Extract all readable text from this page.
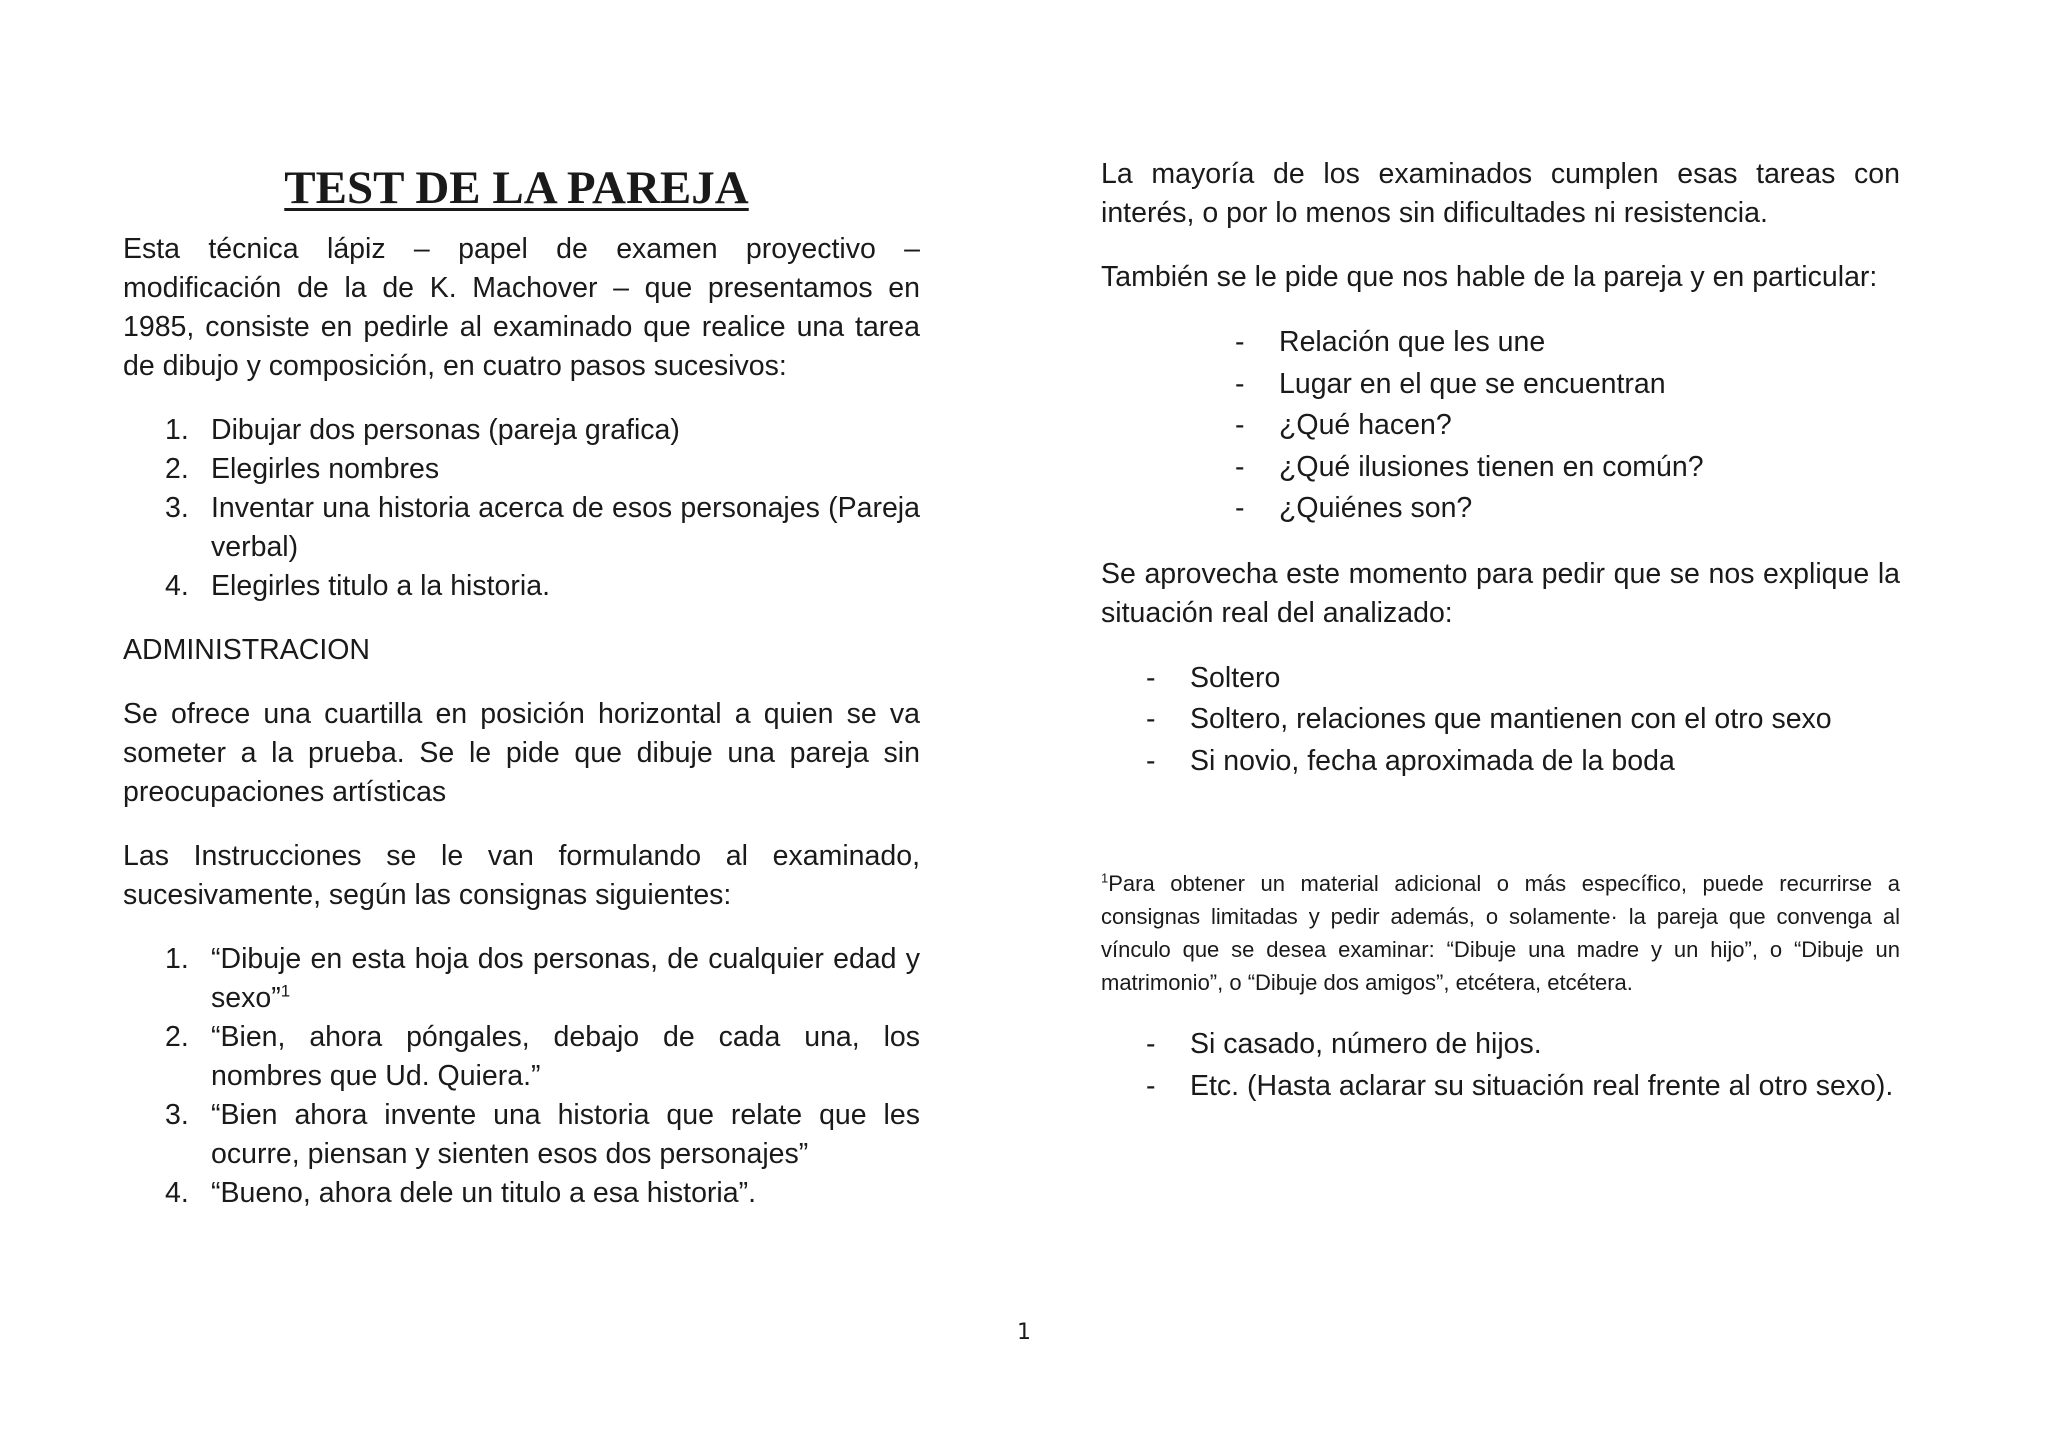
TEST DE LA PAREJA

Esta técnica lápiz – papel de examen proyectivo – modificación de la de K. Machover – que presentamos en 1985, consiste en pedirle al examinado que realice una tarea de dibujo y composición, en cuatro pasos sucesivos:

1. Dibujar dos personas (pareja grafica)
2. Elegirles nombres
3. Inventar una historia acerca de esos personajes (Pareja verbal)
4. Elegirles titulo a la historia.

ADMINISTRACION

Se ofrece una cuartilla en posición horizontal a quien se va someter a la prueba. Se le pide que dibuje una pareja sin preocupaciones artísticas

Las Instrucciones se le van formulando al examinado, sucesivamente, según las consignas siguientes:

1. “Dibuje en esta hoja dos personas, de cualquier edad y sexo”$^1$
2. “Bien, ahora póngales, debajo de cada una, los nombres que Ud. Quiera.”
3. “Bien ahora invente una historia que relate que les ocurre, piensan y sienten esos dos personajes”
4. “Bueno, ahora dele un titulo a esa historia”.

La mayoría de los examinados cumplen esas tareas con interés, o por lo menos sin dificultades ni resistencia.

También se le pide que nos hable de la pareja y en particular:

- Relación que les une
- Lugar en el que se encuentran
- ¿Qué hacen?
- ¿Qué ilusiones tienen en común?
- ¿Quiénes son?

Se aprovecha este momento para pedir que se nos explique la situación real del analizado:

- Soltero
- Soltero, relaciones que mantienen con el otro sexo
- Si novio, fecha aproximada de la boda

$^1$Para obtener un material adicional o más específico, puede recurrirse a consignas limitadas y pedir además, o solamente· la pareja que convenga al vínculo que se desea examinar: “Dibuje una madre y un hijo”, o “Dibuje un matrimonio”, o “Dibuje dos amigos”, etcétera, etcétera.

- Si casado, número de hijos.
- Etc. (Hasta aclarar su situación real frente al otro sexo).
1
